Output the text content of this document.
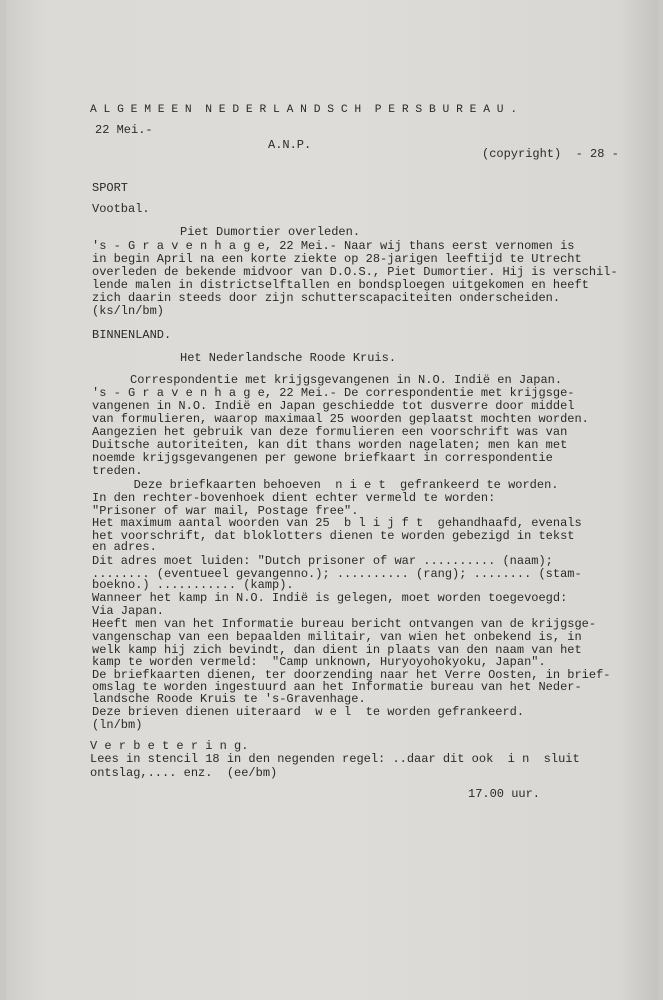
A L G E M E E N  N E D E R L A N D S C H  P E R S B U R E A U .
22 Mei.-
A.N.P.
(copyright)  - 28 -
SPORT
Vootbal.
Piet Dumortier overleden.
's - G r a v e n h a g e, 22 Mei.- Naar wij thans eerst vernomen is
in begin April na een korte ziekte op 28-jarigen leeftijd te Utrecht
overleden de bekende midvoor van D.O.S., Piet Dumortier. Hij is verschil-
lende malen in districtselftallen en bondsploegen uitgekomen en heeft
zich daarin steeds door zijn schutterscapaciteiten onderscheiden.
(ks/ln/bm)
BINNENLAND.
Het Nederlandsche Roode Kruis.
Correspondentie met krijgsgevangenen in N.O. Indië en Japan.
's - G r a v e n h a g e, 22 Mei.- De correspondentie met krijgsge-
vangenen in N.O. Indië en Japan geschiedde tot dusverre door middel
van formulieren, waarop maximaal 25 woorden geplaatst mochten worden.
Aangezien het gebruik van deze formulieren een voorschrift was van
Duitsche autoriteiten, kan dit thans worden nagelaten; men kan met
noemde krijgsgevangenen per gewone briefkaart in correspondentie
treden.
Deze briefkaarten behoeven  n i e t  gefrankeerd te worden.
In den rechter-bovenhoek dient echter vermeld te worden:
"Prisoner of war mail, Postage free".
Het maximum aantal woorden van 25  b l i j f t  gehandhaafd, evenals
het voorschrift, dat bloklotters dienen te worden gebezigd in tekst
en adres.
Dit adres moet luiden: "Dutch prisoner of war .......... (naam);
........ (eventueel gevangenno.); .......... (rang); ........ (stam-
boekno.) ........... (kamp).
Wanneer het kamp in N.O. Indië is gelegen, moet worden toegevoegd:
Via Japan.
Heeft men van het Informatie bureau bericht ontvangen van de krijgsge-
vangenschap van een bepaalden militair, van wien het onbekend is, in
welk kamp hij zich bevindt, dan dient in plaats van den naam van het
kamp te worden vermeld:  "Camp unknown, Huryoyohokyoku, Japan".
De briefkaarten dienen, ter doorzending naar het Verre Oosten, in brief-
omslag te worden ingestuurd aan het Informatie bureau van het Neder-
landsche Roode Kruis te 's-Gravenhage.
Deze brieven dienen uiteraard  w e l  te worden gefrankeerd.
(ln/bm)
V e r b e t e r i n g.
Lees in stencil 18 in den negenden regel: ..daar dit ook  i n  sluit
ontslag,.... enz.  (ee/bm)
17.00 uur.
